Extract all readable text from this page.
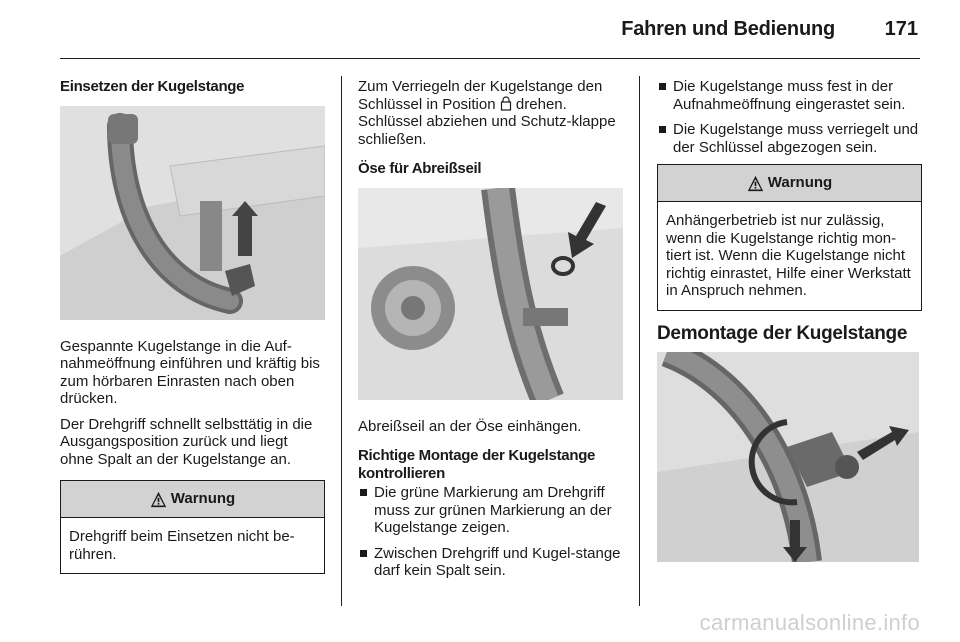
Fahren und Bedienung 171
Einsetzen der Kugelstange

Gespannte Kugelstange in die Auf-nahmeöffnung einführen und kräftig bis zum hörbaren Einrasten nach oben drücken.

Der Drehgriff schnellt selbsttätig in die Ausgangsposition zurück und liegt ohne Spalt an der Kugelstange an.

Warnung
Drehgriff beim Einsetzen nicht be-rühren.

Zum Verriegeln der Kugelstange den Schlüssel in Position drehen. Schlüssel abziehen und Schutz-klappe schließen.

Öse für Abreißseil

Abreißseil an der Öse einhängen.

Richtige Montage der Kugelstange kontrollieren
Die grüne Markierung am Drehgriff muss zur grünen Markierung an der Kugelstange zeigen.
Zwischen Drehgriff und Kugel-stange darf kein Spalt sein.
Die Kugelstange muss fest in der Aufnahmeöffnung eingerastet sein.
Die Kugelstange muss verriegelt und der Schlüssel abgezogen sein.
Warnung
Anhängerbetrieb ist nur zulässig, wenn die Kugelstange richtig mon-tiert ist. Wenn die Kugelstange nicht richtig einrastet, Hilfe einer Werkstatt in Anspruch nehmen.
Demontage der Kugelstange
carmanualsonline.info
